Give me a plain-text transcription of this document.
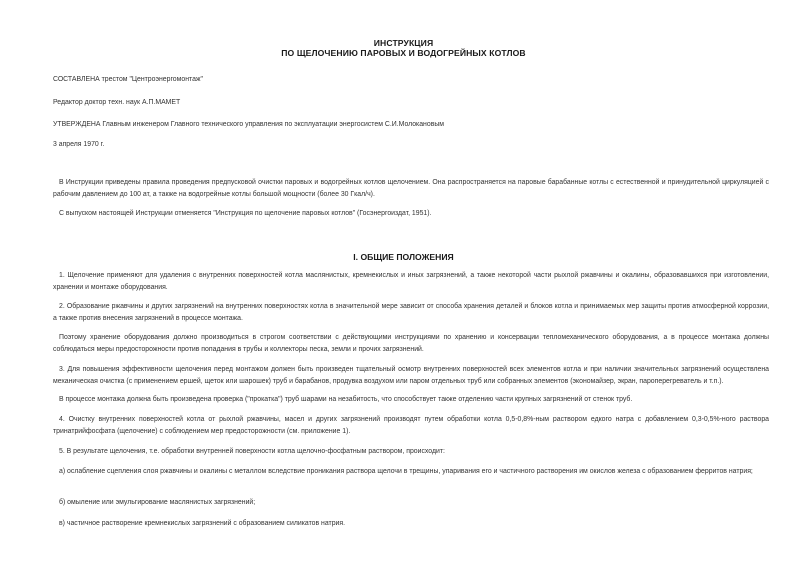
ИНСТРУКЦИЯ
ПО ЩЕЛОЧЕНИЮ ПАРОВЫХ И ВОДОГРЕЙНЫХ КОТЛОВ
СОСТАВЛЕНА трестом "Центроэнергомонтаж"
Редактор доктор техн. наук А.П.МАМЕТ
УТВЕРЖДЕНА Главным инженером Главного технического управления по эксплуатации энергосистем С.И.Молокановым
3 апреля 1970 г.
В Инструкции приведены правила проведения предпусковой очистки паровых и водогрейных котлов щелочением. Она распространяется на паровые барабанные котлы с естественной и принудительной циркуляцией с рабочим давлением до 100 ат, а также на водогрейные котлы большой мощности (более 30 Гкал/ч).
С выпуском настоящей Инструкции отменяется "Инструкция по щелочение паровых котлов" (Госэнергоиздат, 1951).
I. ОБЩИЕ ПОЛОЖЕНИЯ
1. Щелочение применяют для удаления с внутренних поверхностей котла маслянистых, кремнекислых и иных загрязнений, а также некоторой части рыхлой ржавчины и окалины, образовавшихся при изготовлении, хранении и монтаже оборудования.
2. Образование ржавчины и других загрязнений на внутренних поверхностях котла в значительной мере зависит от способа хранения деталей и блоков котла и принимаемых мер защиты против атмосферной коррозии, а также против внесения загрязнений в процессе монтажа.
Поэтому хранение оборудования должно производиться в строгом соответствии с действующими инструкциями по хранению и консервации тепломеханического оборудования, а в процессе монтажа должны соблюдаться меры предосторожности против попадания в трубы и коллекторы песка, земли и прочих загрязнений.
3. Для повышения эффективности щелочения перед монтажом должен быть произведен тщательный осмотр внутренних поверхностей всех элементов котла и при наличии значительных загрязнений осуществлена механическая очистка (с применением ершей, щеток или шарошек) труб и барабанов, продувка воздухом или паром отдельных труб или собранных элементов (экономайзер, экран, пароперегреватель и т.п.).
В процессе монтажа должна быть произведена проверка ("прокатка") труб шарами на незабитость, что способствует также отделению части крупных загрязнений от стенок труб.
4. Очистку внутренних поверхностей котла от рыхлой ржавчины, масел и других загрязнений производят путем обработки котла 0,5-0,8%-ным раствором едкого натра с добавлением 0,3-0,5%-ного раствора тринатрийфосфата (щелочение) с соблюдением мер предосторожности (см. приложение 1).
5. В результате щелочения, т.е. обработки внутренней поверхности котла щелочно-фосфатным раствором, происходит:
а) ослабление сцепления слоя ржавчины и окалины с металлом вследствие проникания раствора щелочи в трещины, упаривания его и частичного растворения им окислов железа с образованием ферритов натрия;
б) омыление или эмульгирование маслянистых загрязнений;
в) частичное растворение кремнекислых загрязнений с образованием силикатов натрия.
